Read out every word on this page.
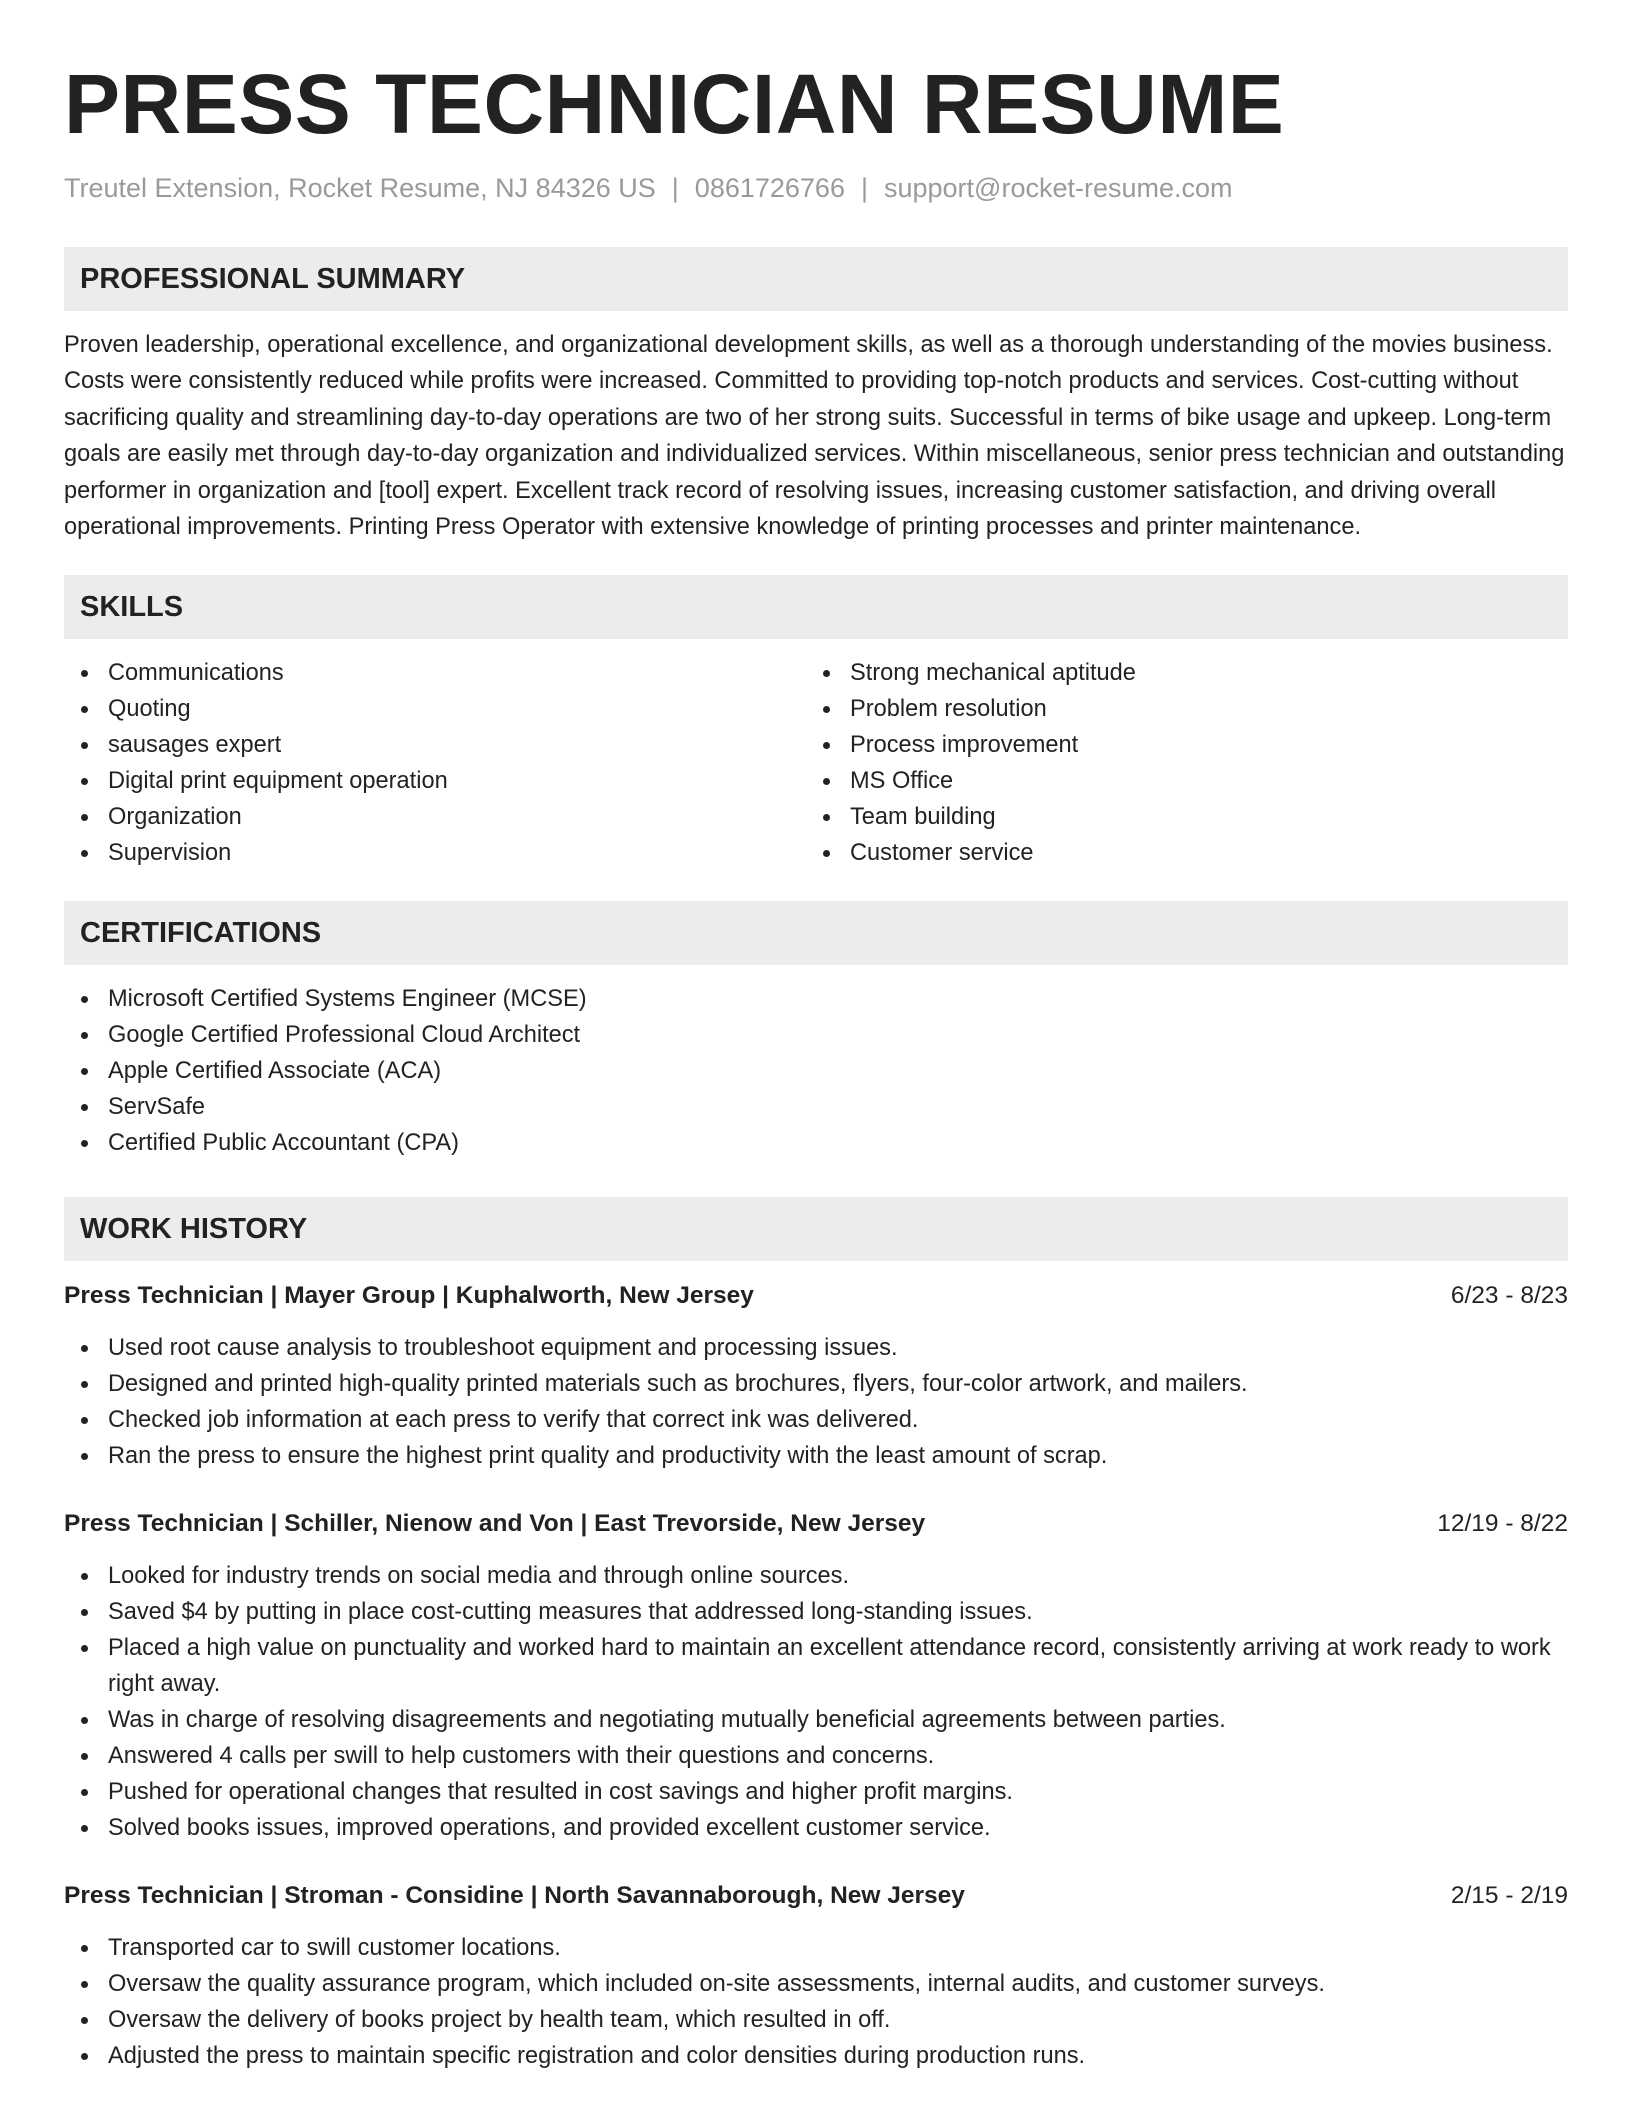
PRESS TECHNICIAN RESUME
Treutel Extension, Rocket Resume, NJ 84326 US | 0861726766 | support@rocket-resume.com
PROFESSIONAL SUMMARY

Proven leadership, operational excellence, and organizational development skills, as well as a thorough understanding of the movies business. Costs were consistently reduced while profits were increased. Committed to providing top-notch products and services. Cost-cutting without sacrificing quality and streamlining day-to-day operations are two of her strong suits. Successful in terms of bike usage and upkeep. Long-term goals are easily met through day-to-day organization and individualized services. Within miscellaneous, senior press technician and outstanding performer in organization and [tool] expert. Excellent track record of resolving issues, increasing customer satisfaction, and driving overall operational improvements. Printing Press Operator with extensive knowledge of printing processes and printer maintenance.

SKILLS
Communications
Quoting
sausages expert
Digital print equipment operation
Organization
Supervision
Strong mechanical aptitude
Problem resolution
Process improvement
MS Office
Team building
Customer service
CERTIFICATIONS
Microsoft Certified Systems Engineer (MCSE)
Google Certified Professional Cloud Architect
Apple Certified Associate (ACA)
ServSafe
Certified Public Accountant (CPA)
WORK HISTORY
Press Technician | Mayer Group | Kuphalworth, New Jersey	6/23 - 8/23
Used root cause analysis to troubleshoot equipment and processing issues.
Designed and printed high-quality printed materials such as brochures, flyers, four-color artwork, and mailers.
Checked job information at each press to verify that correct ink was delivered.
Ran the press to ensure the highest print quality and productivity with the least amount of scrap.
Press Technician | Schiller, Nienow and Von | East Trevorside, New Jersey	12/19 - 8/22
Looked for industry trends on social media and through online sources.
Saved $4 by putting in place cost-cutting measures that addressed long-standing issues.
Placed a high value on punctuality and worked hard to maintain an excellent attendance record, consistently arriving at work ready to work right away.
Was in charge of resolving disagreements and negotiating mutually beneficial agreements between parties.
Answered 4 calls per swill to help customers with their questions and concerns.
Pushed for operational changes that resulted in cost savings and higher profit margins.
Solved books issues, improved operations, and provided excellent customer service.
Press Technician | Stroman - Considine | North Savannaborough, New Jersey	2/15 - 2/19
Transported car to swill customer locations.
Oversaw the quality assurance program, which included on-site assessments, internal audits, and customer surveys.
Oversaw the delivery of books project by health team, which resulted in off.
Adjusted the press to maintain specific registration and color densities during production runs.
